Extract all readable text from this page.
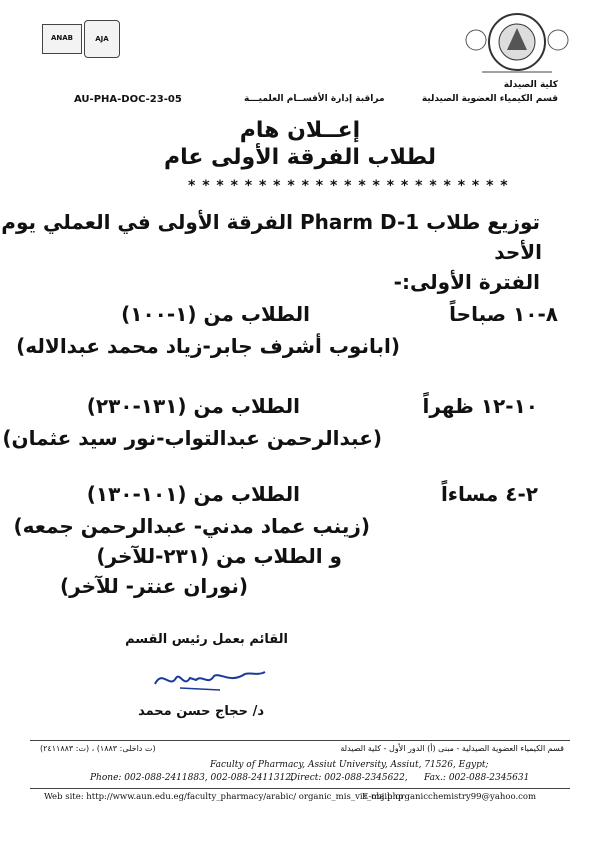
ANAB	AJA
كلية الصيدلة
قسم الكيمياء العضوية الصيدلية
مراقبة إدارة الأقســام العلميـــة
AU-PHA-DOC-23-05
إعــلان هام
لطلاب الفرقة الأولى عام
* * * * * * * * * * * * * * * * * * * * * * *
توزيع طلاب Pharm D-1 الفرقة الأولى في العملي يوم
الأحد
الفترة الأولى:-
٨-١٠ صباحاً
الطلاب من (١-١٠٠)
(ابانوب أشرف جابر-زياد محمد عبدالاله)
١٠-١٢ ظهراً
الطلاب من (١٣١-٢٣٠)
(عبدالرحمن عبدالتواب-نور سيد عثمان)
٢-٤ مساءاً
الطلاب من (١٠١-١٣٠)
(زينب عماد مدني- عبدالرحمن جمعه)
و الطلاب من (٢٣١-للآخر)
(نوران عنتر- للآخر)
القائم بعمل رئيس القسم
د/ حجاج حسن محمد
(ت داخلى: ١٨٨٣) ، (ت: ٢٤١١٨٨٣)	قسم الكيمياء العضوية الصيدلية - مبنى (أ) الدور الأول - كلية الصيدلة
Faculty of Pharmacy, Assiut University, Assiut, 71526, Egypt;
Phone: 002-088-2411883, 002-088-2411312,
Direct: 002-088-2345622, Fax.: 002-088-2345631
Web site: http://www.aun.edu.eg/faculty_pharmacy/arabic/ organic_mis_vis_obj.php
E-mail: organicchemistry99@yahoo.com
